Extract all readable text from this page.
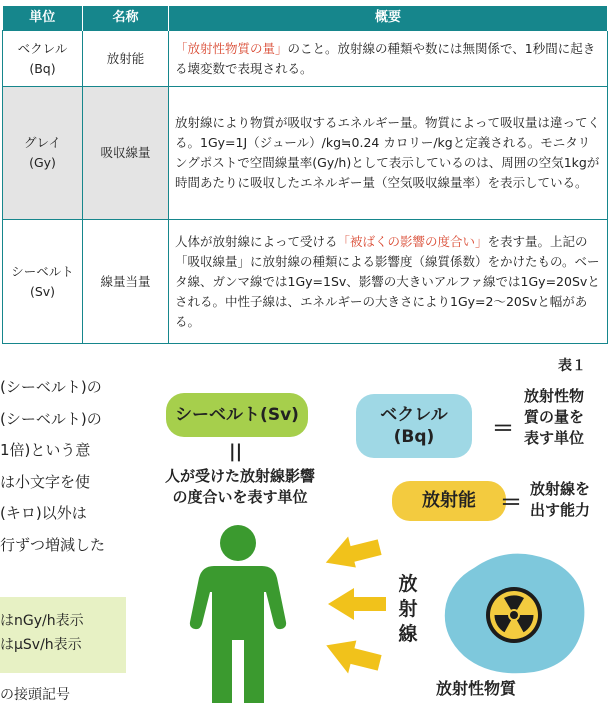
単位	名称	概要

ベクレル
(Bq)	放射能	「放射性物質の量」のこと。放射線の種類や数には無関係で、1秒間に起きる壊変数で表現される。

グレイ
(Gy)	吸収線量	放射線により物質が吸収するエネルギー量。物質によって吸収量は違ってくる。1Gy=1J（ジュール）/kg≒0.24 カロリー/kgと定義される。モニタリングポストで空間線量率(Gy/h)として表示しているのは、周囲の空気1kgが時間あたりに吸収したエネルギー量（空気吸収線量率）を表示している。

シーベルト
(Sv)	線量当量	人体が放射線によって受ける「被ばくの影響の度合い」を表す量。上記の「吸収線量」に放射線の種類による影響度（線質係数）をかけたもの。ベータ線、ガンマ線では1Gy=1Sv、影響の大きいアルファ線では1Gy=20Svとされる。中性子線は、エネルギーの大きさにより1Gy=2〜20Svと幅がある。
(シーベルト)の
(シーベルト)の
1倍)という意
は小文字を使
(キロ)以外は
行ずつ増減した
はnGy/h表示
はμSv/h表示
の接頭記号
表１
シーベルト(Sv)
||
人が受けた放射線影響
の度合いを表す単位
ベクレル
(Bq)	＝
放射性物
質の量を
表す単位
放射能	＝
放射線を
出す能力
放
射
線
放射性物質
